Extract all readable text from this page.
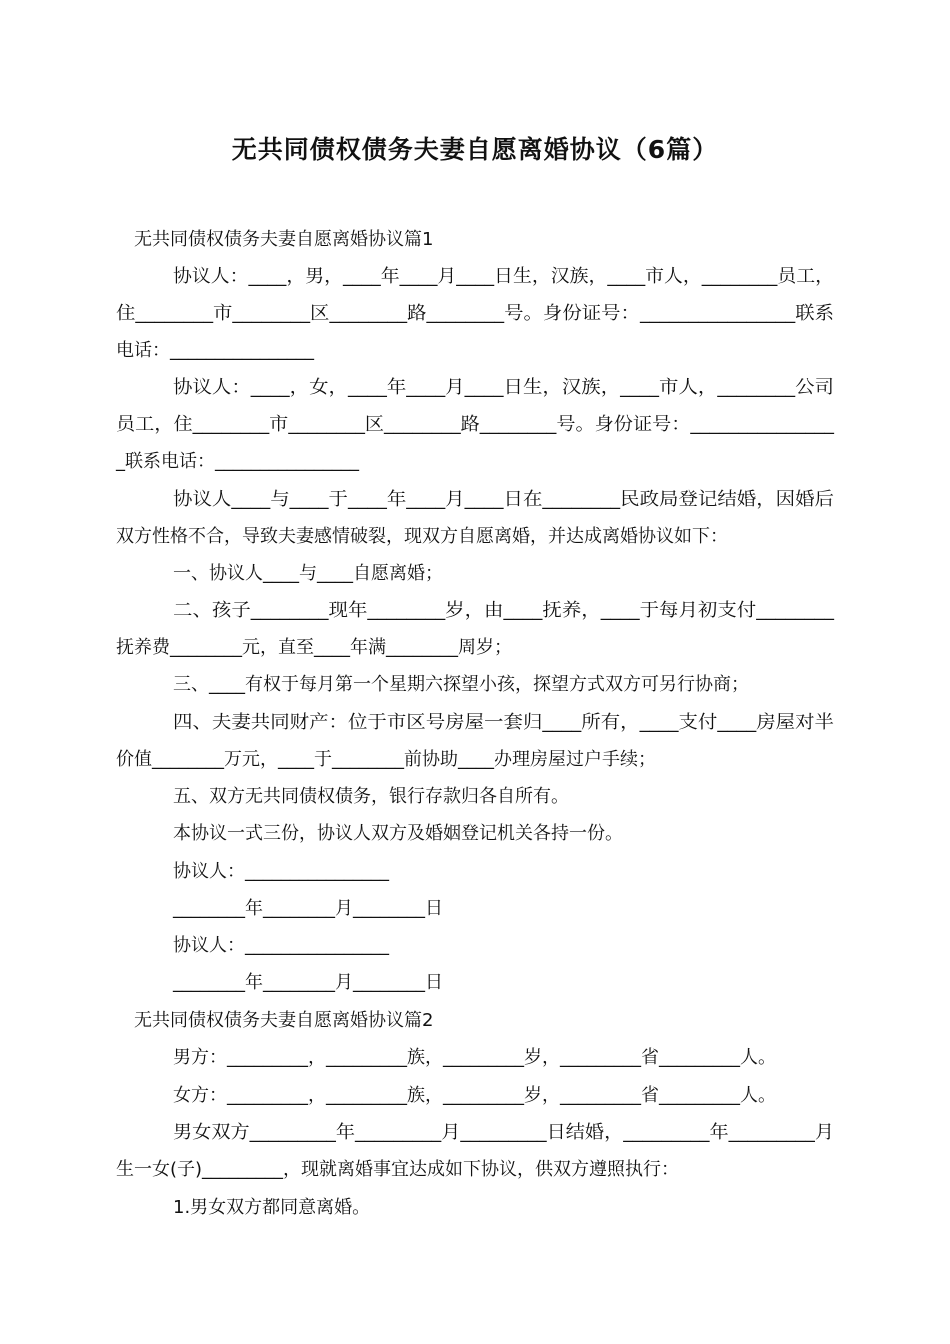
无共同债权债务夫妻自愿离婚协议（6篇）
无共同债权债务夫妻自愿离婚协议篇1
协议人：____，男，____年____月____日生，汉族，____市人，________员工，
住________市________区________路________号。身份证号：________________联系
电话：________________
协议人：____，女，____年____月____日生，汉族，____市人，________公司
员工，住________市________区________路________号。身份证号：_______________
_联系电话：________________
协议人____与____于____年____月____日在________民政局登记结婚，因婚后
双方性格不合，导致夫妻感情破裂，现双方自愿离婚，并达成离婚协议如下：
一、协议人____与____自愿离婚；
二、孩子________现年________岁，由____抚养，____于每月初支付________
抚养费________元，直至____年满________周岁；
三、____有权于每月第一个星期六探望小孩，探望方式双方可另行协商；
四、夫妻共同财产：位于市区号房屋一套归____所有，____支付____房屋对半
价值________万元，____于________前协助____办理房屋过户手续；
五、双方无共同债权债务，银行存款归各自所有。
本协议一式三份，协议人双方及婚姻登记机关各持一份。
协议人：________________
________年________月________日
协议人：________________
________年________月________日
无共同债权债务夫妻自愿离婚协议篇2
男方：_________，_________族，_________岁，_________省_________人。
女方：_________，_________族，_________岁，_________省_________人。
男女双方_________年_________月_________日结婚，_________年_________月
生一女(子)_________，现就离婚事宜达成如下协议，供双方遵照执行：
1.男女双方都同意离婚。
